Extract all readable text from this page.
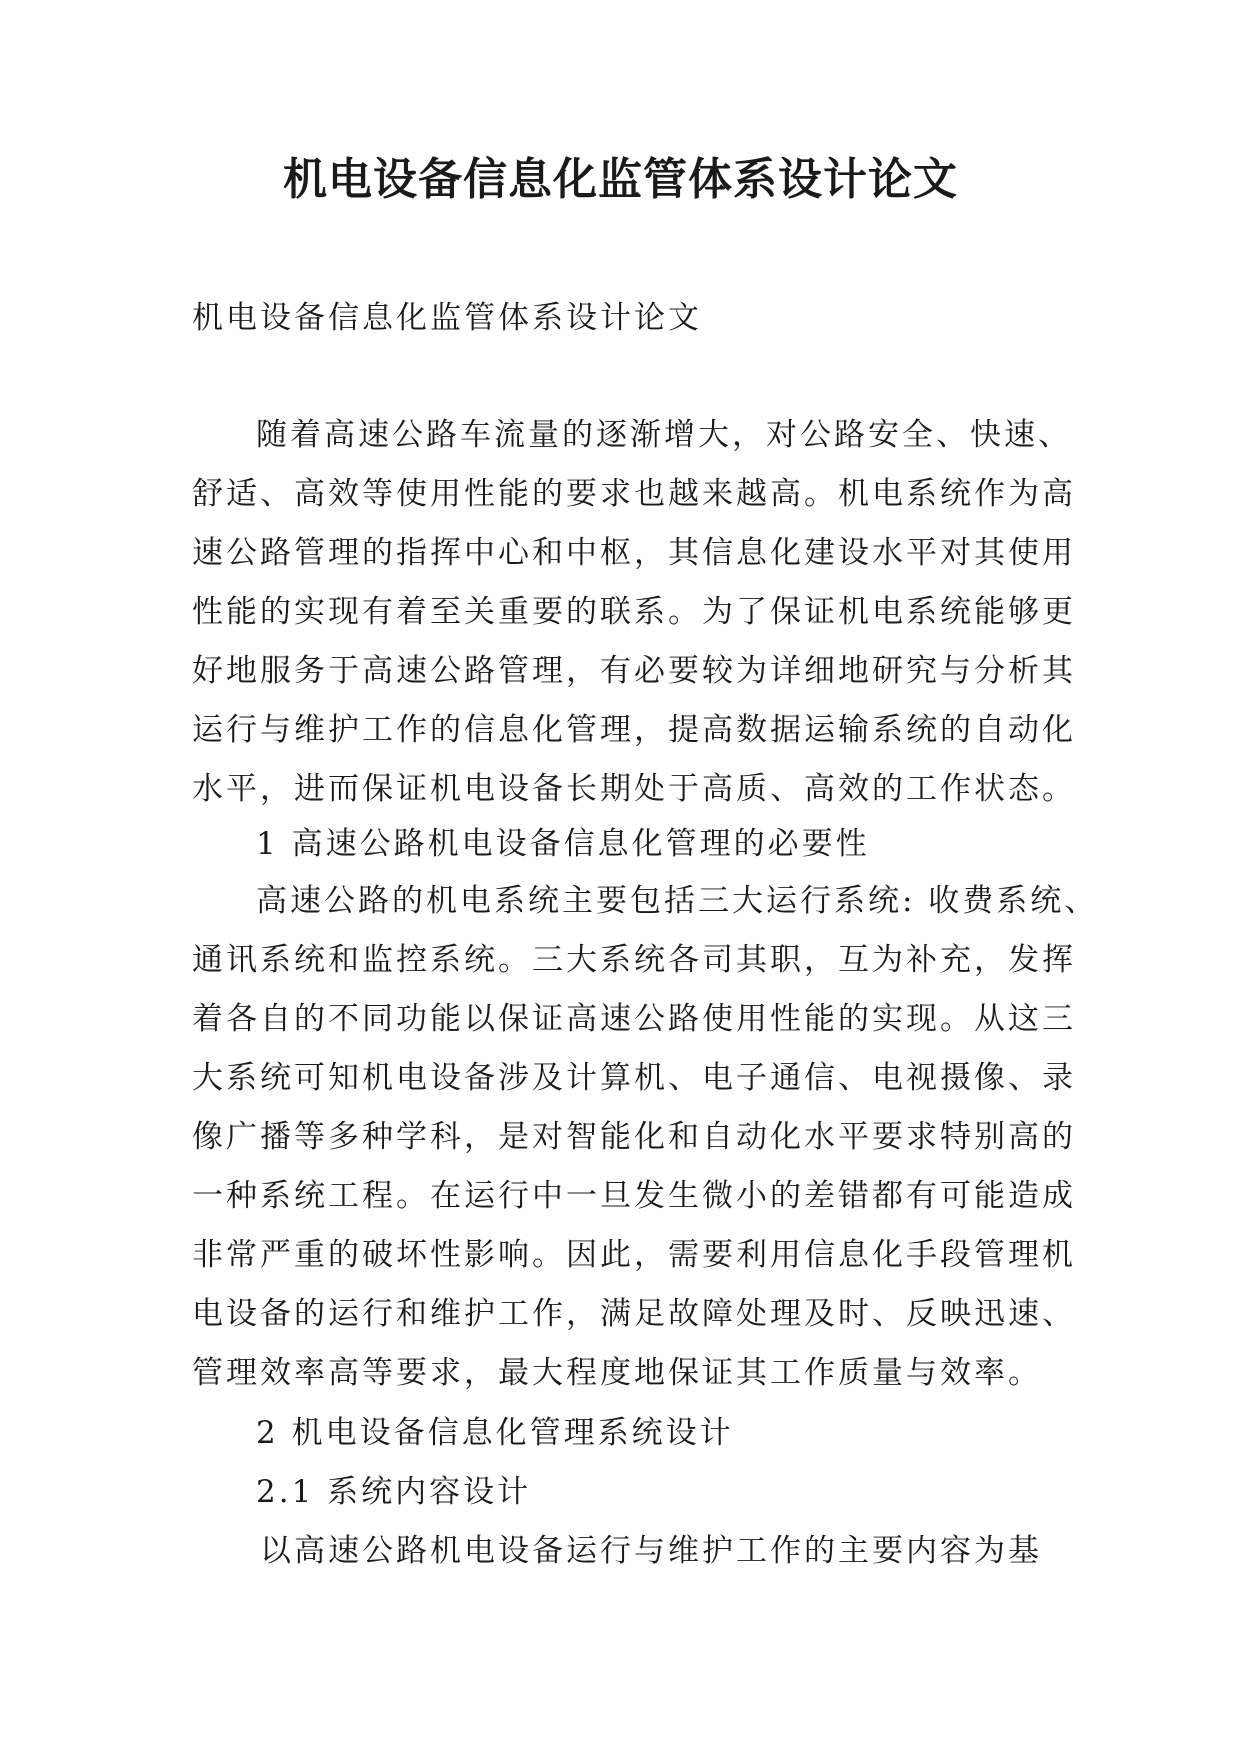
机电设备信息化监管体系设计论文
机电设备信息化监管体系设计论文
随着高速公路车流量的逐渐增大，对公路安全、快速、
舒适、高效等使用性能的要求也越来越高。机电系统作为高
速公路管理的指挥中心和中枢，其信息化建设水平对其使用
性能的实现有着至关重要的联系。为了保证机电系统能够更
好地服务于高速公路管理，有必要较为详细地研究与分析其
运行与维护工作的信息化管理，提高数据运输系统的自动化
水平，进而保证机电设备长期处于高质、高效的工作状态。
1 高速公路机电设备信息化管理的必要性
高速公路的机电系统主要包括三大运行系统: 收费系统、
通讯系统和监控系统。三大系统各司其职，互为补充，发挥
着各自的不同功能以保证高速公路使用性能的实现。从这三
大系统可知机电设备涉及计算机、电子通信、电视摄像、录
像广播等多种学科，是对智能化和自动化水平要求特别高的
一种系统工程。在运行中一旦发生微小的差错都有可能造成
非常严重的破坏性影响。因此，需要利用信息化手段管理机
电设备的运行和维护工作，满足故障处理及时、反映迅速、
管理效率高等要求，最大程度地保证其工作质量与效率。
2 机电设备信息化管理系统设计
2.1 系统内容设计
以高速公路机电设备运行与维护工作的主要内容为基
